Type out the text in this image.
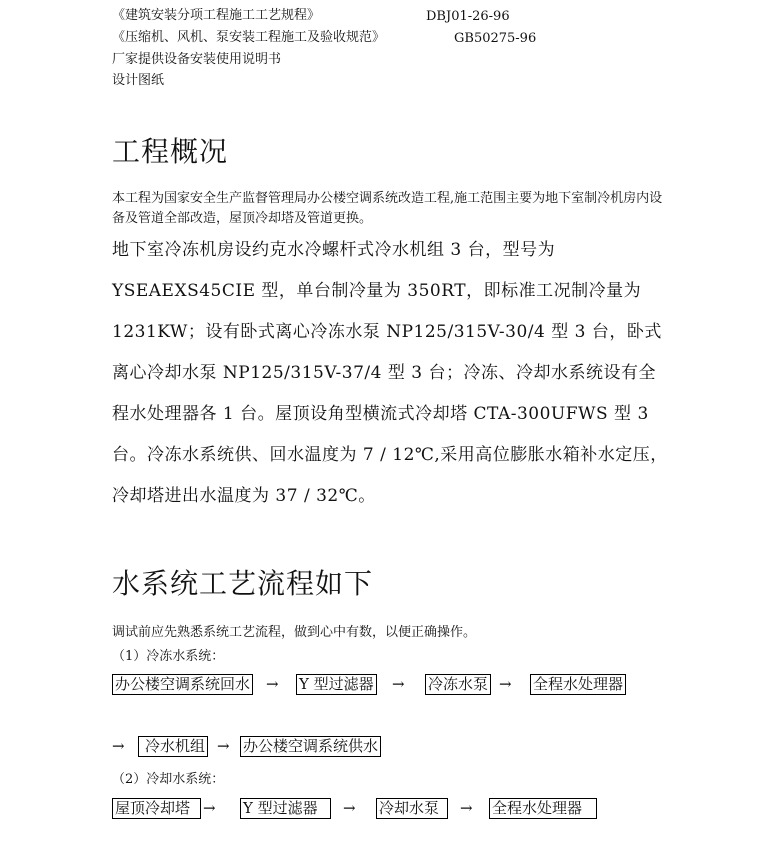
《建筑安装分项工程施工工艺规程》	DBJ01-26-96
《压缩机、风机、泵安装工程施工及验收规范》	GB50275-96
厂家提供设备安装使用说明书
设计图纸
工程概况
本工程为国家安全生产监督管理局办公楼空调系统改造工程,施工范围主要为地下室制冷机房内设备及管道全部改造，屋顶冷却塔及管道更换。
地下室冷冻机房设约克水冷螺杆式冷水机组 3 台，型号为YSEAEXS45CIE 型，单台制冷量为 350RT，即标准工况制冷量为 1231KW；设有卧式离心冷冻水泵 NP125/315V-30/4 型 3 台，卧式离心冷却水泵 NP125/315V-37/4 型 3 台；冷冻、冷却水系统设有全程水处理器各 1 台。屋顶设角型横流式冷却塔 CTA-300UFWS 型 3 台。冷冻水系统供、回水温度为 7 / 12℃,采用高位膨胀水箱补水定压，冷却塔进出水温度为 37 / 32℃。
水系统工艺流程如下
调试前应先熟悉系统工艺流程，做到心中有数，以便正确操作。
（1）冷冻水系统：
办公楼空调系统回水 → Y 型过滤器 → 冷冻水泵 → 全程水处理器
→	冷水机组 → 办公楼空调系统供水
（2）冷却水系统：
屋顶冷却塔 → Y 型过滤器	→ 冷却水泵	→ 全程水处理器
